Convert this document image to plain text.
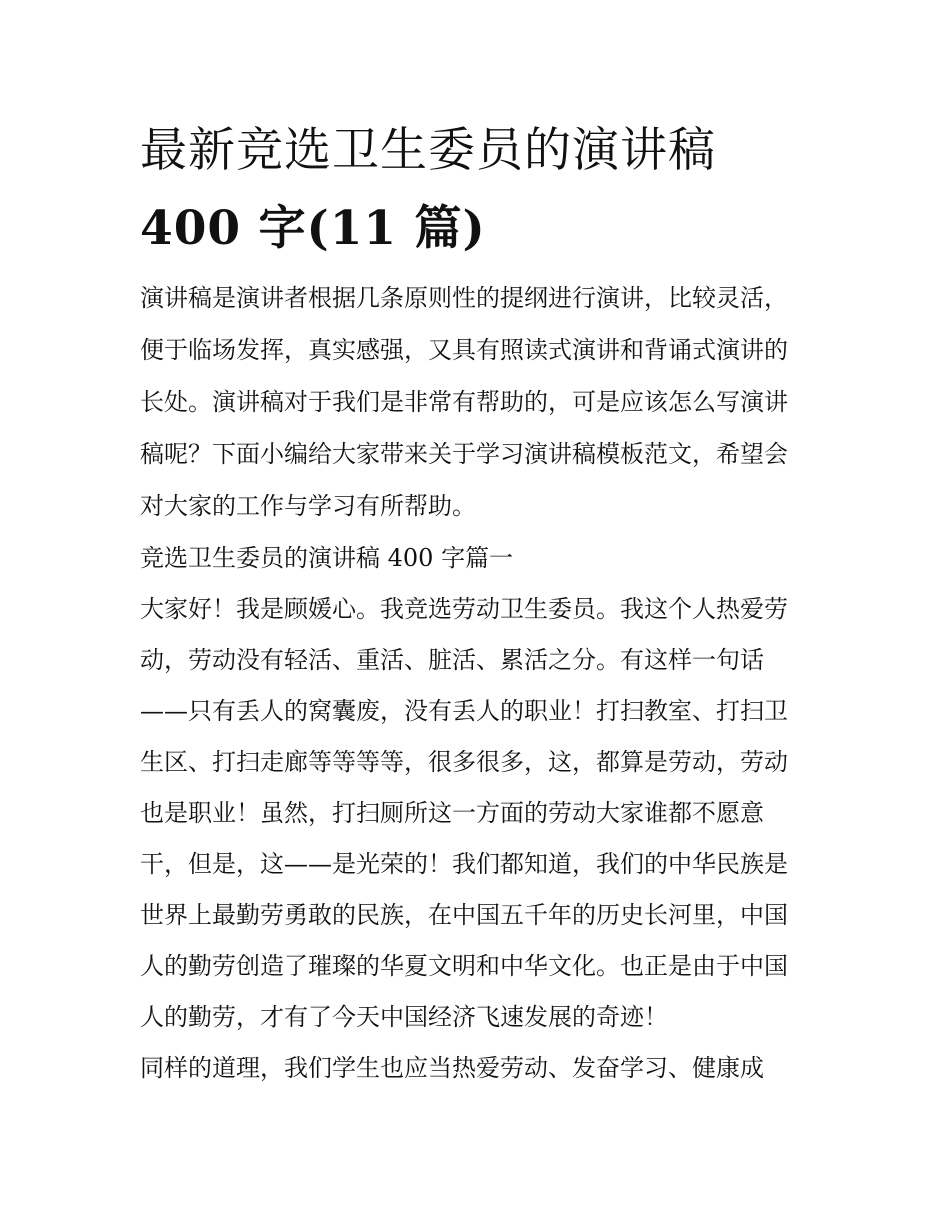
最新竞选卫生委员的演讲稿
400 字(11 篇)

演讲稿是演讲者根据几条原则性的提纲进行演讲，比较灵活，
便于临场发挥，真实感强，又具有照读式演讲和背诵式演讲的
长处。演讲稿对于我们是非常有帮助的，可是应该怎么写演讲
稿呢？下面小编给大家带来关于学习演讲稿模板范文，希望会
对大家的工作与学习有所帮助。

竞选卫生委员的演讲稿 400 字篇一

大家好！我是顾媛心。我竞选劳动卫生委员。我这个人热爱劳
动，劳动没有轻活、重活、脏活、累活之分。有这样一句话
——只有丢人的窝囊废，没有丢人的职业！打扫教室、打扫卫
生区、打扫走廊等等等等，很多很多，这，都算是劳动，劳动
也是职业！虽然，打扫厕所这一方面的劳动大家谁都不愿意
干，但是，这——是光荣的！我们都知道，我们的中华民族是
世界上最勤劳勇敢的民族，在中国五千年的历史长河里，中国
人的勤劳创造了璀璨的华夏文明和中华文化。也正是由于中国
人的勤劳，才有了今天中国经济飞速发展的奇迹！

同样的道理，我们学生也应当热爱劳动、发奋学习、健康成
